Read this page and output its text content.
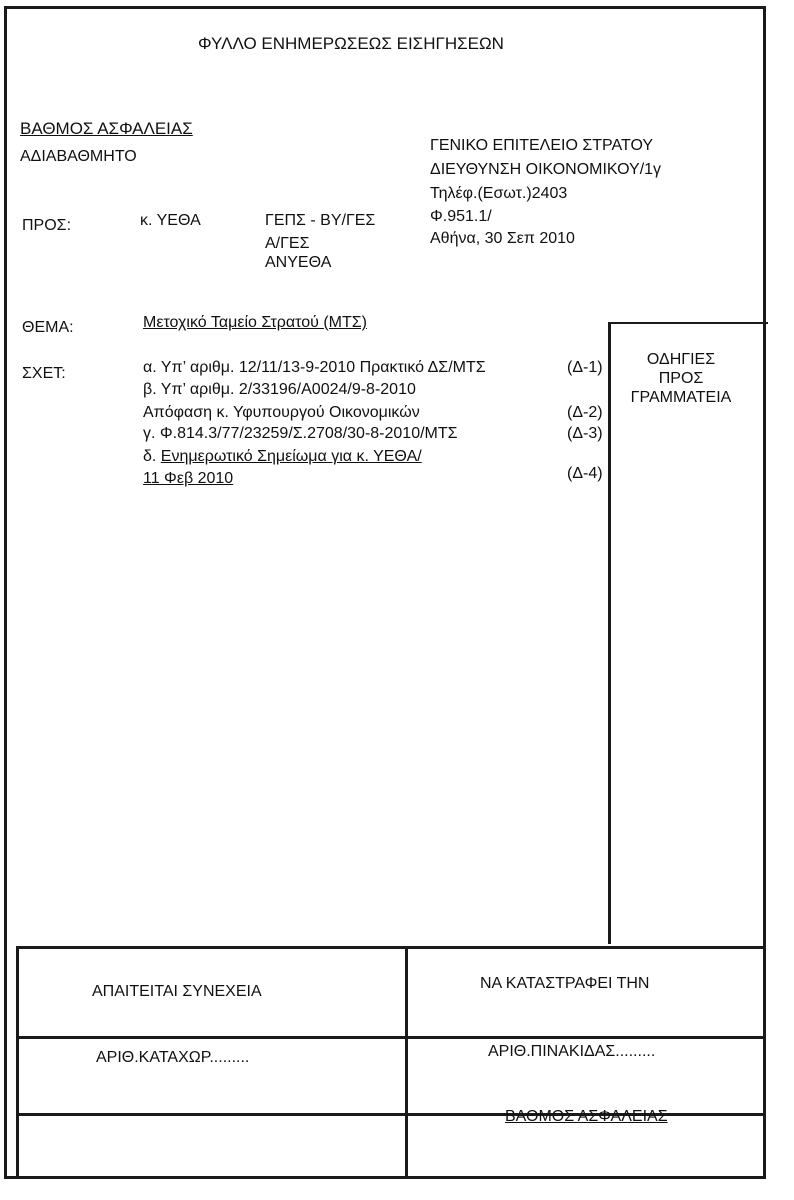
ΦΥΛΛΟ ΕΝΗΜΕΡΩΣΕΩΣ ΕΙΣΗΓΗΣΕΩΝ
ΒΑΘΜΟΣ ΑΣΦΑΛΕΙΑΣ
ΑΔΙΑΒΑΘΜΗΤΟ
ΓΕΝΙΚΟ ΕΠΙΤΕΛΕΙΟ ΣΤΡΑΤΟΥ
ΔΙΕΥΘΥΝΣΗ ΟΙΚΟΝΟΜΙΚΟΥ/1γ
Τηλέφ.(Εσωτ.)2403
Φ.951.1/
Αθήνα, 30 Σεπ 2010
ΠΡΟΣ:	κ. ΥΕΘΑ	ΓΕΠΣ - ΒΥ/ΓΕΣ
Α/ΓΕΣ
ΑΝΥΕΘΑ
ΘΕΜΑ:	Μετοχικό Ταμείο Στρατού (ΜΤΣ)
ΣΧΕΤ:	α. Υπ’ αριθμ. 12/11/13-9-2010 Πρακτικό ΔΣ/ΜΤΣ	(Δ-1)
β. Υπ’ αριθμ. 2/33196/Α0024/9-8-2010
Απόφαση κ. Υφυπουργού Οικονομικών	(Δ-2)
γ. Φ.814.3/77/23259/Σ.2708/30-8-2010/ΜΤΣ	(Δ-3)
δ. Ενημερωτικό Σημείωμα για κ. ΥΕΘΑ/
11 Φεβ 2010	(Δ-4)
ΟΔΗΓΙΕΣ
ΠΡΟΣ
ΓΡΑΜΜΑΤΕΙΑ
ΑΠΑΙΤΕΙΤΑΙ ΣΥΝΕΧΕΙΑ	ΝΑ ΚΑΤΑΣΤΡΑΦΕΙ ΤΗΝ
ΑΡΙΘ.ΚΑΤΑΧΩΡ.........	ΑΡΙΘ.ΠΙΝΑΚΙΔΑΣ.........
ΒΑΘΜΟΣ ΑΣΦΑΛΕΙΑΣ
